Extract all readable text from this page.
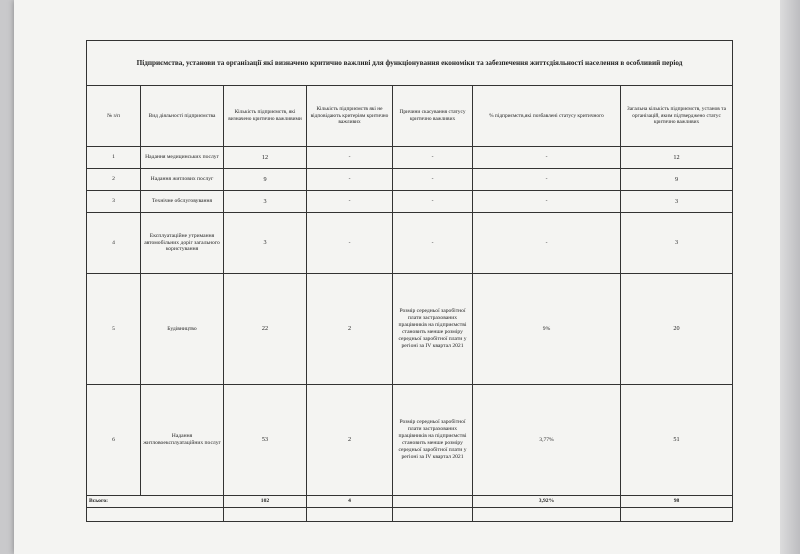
Підприємства, установи та організації які визначено критично важливі для функціонування економіки та забезпечення життєдіяльності населення в особливий період						
№ з/п	Вид діяльності підприємства	Кількість підприємств, які визначено критично важливими	Кількість підприємств які не відповідають критеріям критично важливих	Причини скасування статусу критично важливих	% підприємств,які позбавлені статусу критичного	Загальна кількість підприємств, установ та організацій, яким підтверджено статус критично важливих
1	Надання медицинських послуг	12	-	-	-	12
2	Надання житлових послуг	9	-	-	-	9
3	Технічне обслуговування	3	-	-	-	3
4	Експлуатаційне утримання автомобільних доріг загального користування	3	-	-	-	3
5	Будівництво	22	2	Розмір середньої заробітної плати застрахованих працівників на підприємстві становить менше розміру середньої заробітної плати у регіоні за IV квартал 2021	9%	20
6	Надання житловоексплуатаційних послуг	53	2	Розмір середньої заробітної плати застрахованих працівників на підприємстві становить менше розміру середньої заробітної плати у регіоні за IV квартал 2021	3,77%	51
Всього:		102	4		3,92%	98
